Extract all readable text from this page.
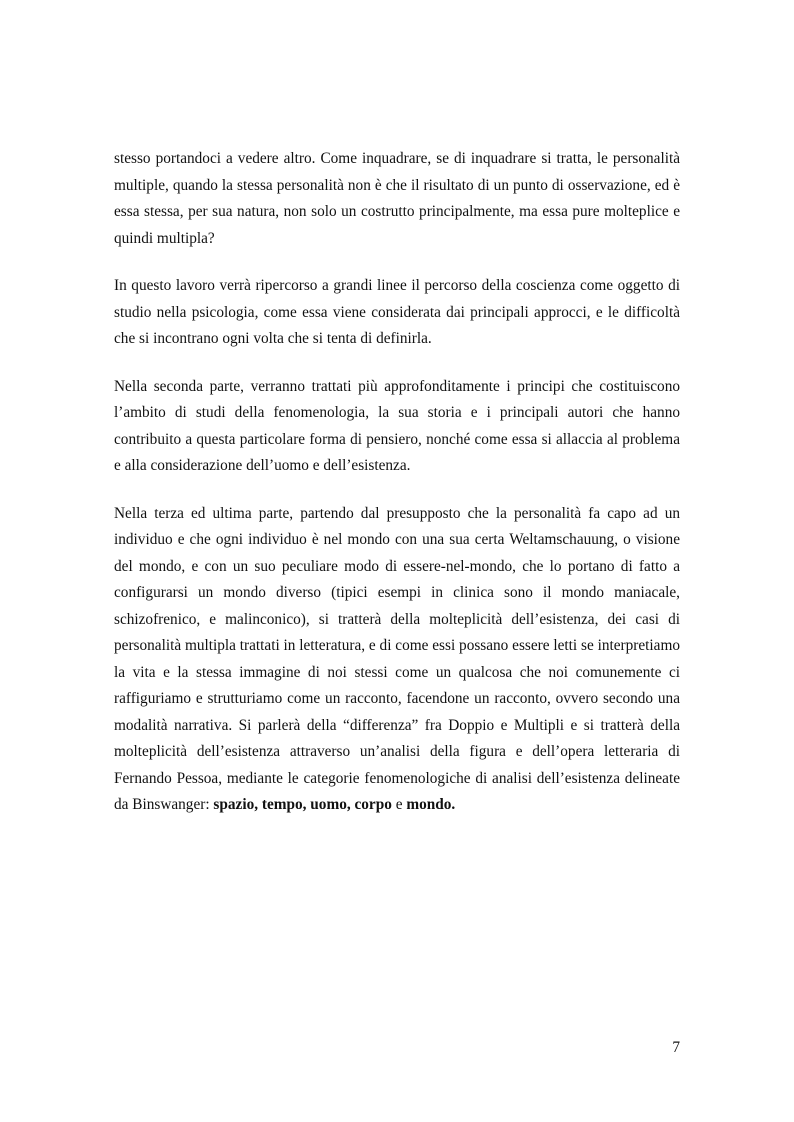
stesso portandoci a vedere altro. Come inquadrare, se di inquadrare si tratta, le personalità multiple, quando la stessa personalità non è che il risultato di un punto di osservazione, ed è essa stessa, per sua natura, non solo un costrutto principalmente, ma essa pure molteplice e quindi multipla?

In questo lavoro verrà ripercorso a grandi linee il percorso della coscienza come oggetto di studio nella psicologia, come essa viene considerata dai principali approcci, e le difficoltà che si incontrano ogni volta che si tenta di definirla.

Nella seconda parte, verranno trattati più approfonditamente i principi che costituiscono l’ambito di studi della fenomenologia, la sua storia e i principali autori che hanno contribuito a questa particolare forma di pensiero, nonché come essa si allaccia al problema e alla considerazione dell’uomo e dell’esistenza.

Nella terza ed ultima parte, partendo dal presupposto che la personalità fa capo ad un individuo e che ogni individuo è nel mondo con una sua certa Weltamschauung, o visione del mondo, e con un suo peculiare modo di essere-nel-mondo, che lo portano di fatto a configurarsi un mondo diverso (tipici esempi in clinica sono il mondo maniacale, schizofrenico, e malinconico), si tratterà della molteplicità dell’esistenza, dei casi di personalità multipla trattati in letteratura, e di come essi possano essere letti se interpretiamo la vita e la stessa immagine di noi stessi come un qualcosa che noi comunemente ci raffiguriamo e strutturiamo come un racconto, facendone un racconto, ovvero secondo una modalità narrativa. Si parlerà della “differenza” fra Doppio e Multipli e si tratterà della molteplicità dell’esistenza attraverso un’analisi della figura e dell’opera letteraria di Fernando Pessoa, mediante le categorie fenomenologiche di analisi dell’esistenza delineate da Binswanger: spazio, tempo, uomo, corpo e mondo.

7
